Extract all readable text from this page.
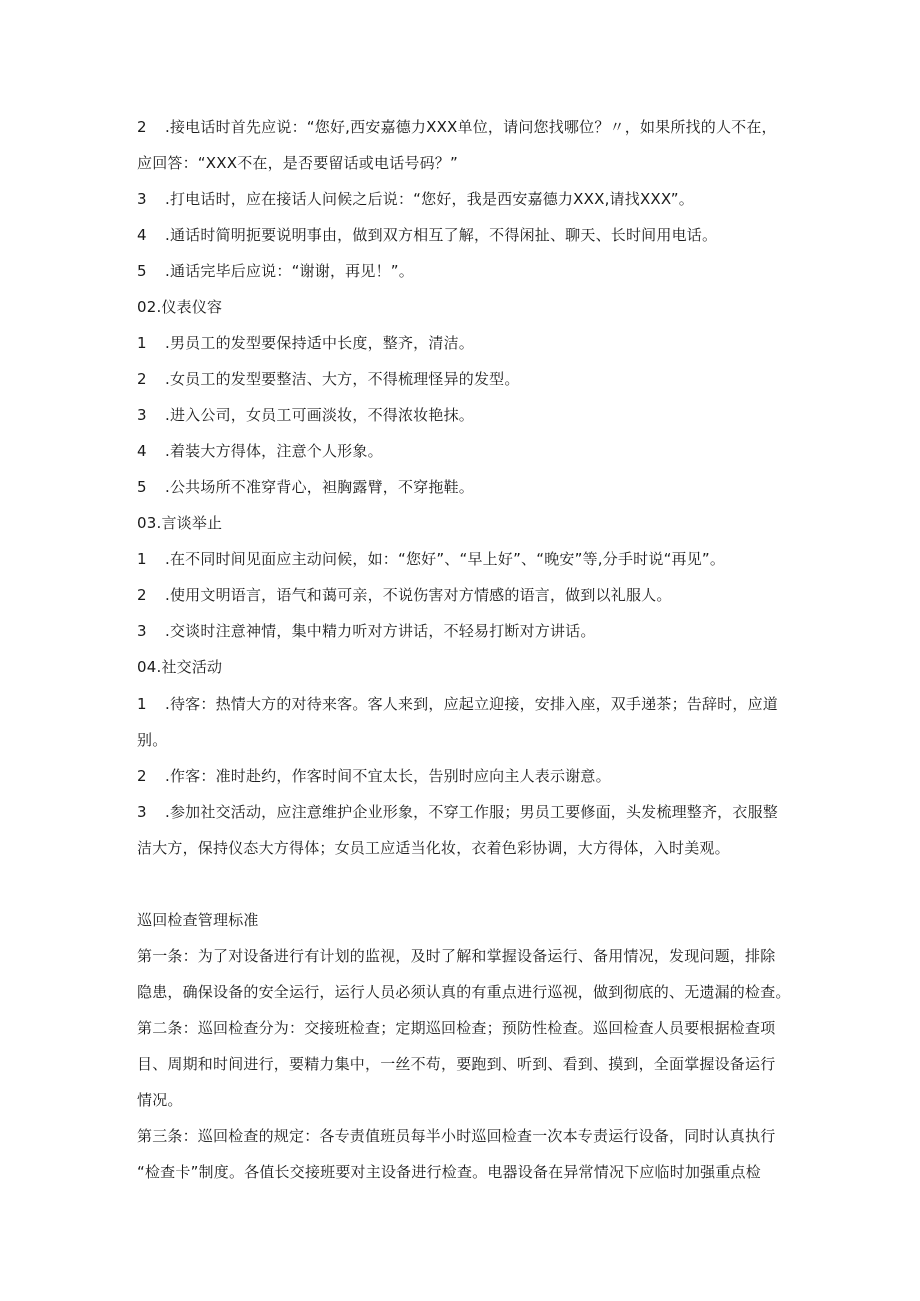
2 .接电话时首先应说：“您好,西安嘉德力XXX单位，请问您找哪位？〃，如果所找的人不在，
应回答：“XXX不在，是否要留话或电话号码？”
3 .打电话时，应在接话人问候之后说：“您好，我是西安嘉德力XXX,请找XXX”。
4 .通话时简明扼要说明事由，做到双方相互了解，不得闲扯、聊天、长时间用电话。
5 .通话完毕后应说：“谢谢，再见！”。
02.仪表仪容
1 .男员工的发型要保持适中长度，整齐，清洁。
2 .女员工的发型要整洁、大方，不得梳理怪异的发型。
3 .进入公司，女员工可画淡妆，不得浓妆艳抹。
4 .着装大方得体，注意个人形象。
5 .公共场所不准穿背心，袒胸露臂，不穿拖鞋。
03.言谈举止
1 .在不同时间见面应主动问候，如：“您好”、“早上好”、“晚安”等,分手时说“再见”。
2 .使用文明语言，语气和蔼可亲，不说伤害对方情感的语言，做到以礼服人。
3 .交谈时注意神情，集中精力听对方讲话，不轻易打断对方讲话。
04.社交活动
1 .待客：热情大方的对待来客。客人来到，应起立迎接，安排入座，双手递茶；告辞时，应道
别。
2 .作客：准时赴约，作客时间不宜太长，告别时应向主人表示谢意。
3 .参加社交活动，应注意维护企业形象，不穿工作服；男员工要修面，头发梳理整齐，衣服整
洁大方，保持仪态大方得体；女员工应适当化妆，衣着色彩协调，大方得体，入时美观。
巡回检查管理标准
第一条：为了对设备进行有计划的监视，及时了解和掌握设备运行、备用情况，发现问题，排除
隐患，确保设备的安全运行，运行人员必须认真的有重点进行巡视，做到彻底的、无遗漏的检查。
第二条：巡回检查分为：交接班检查；定期巡回检查；预防性检查。巡回检查人员要根据检查项
目、周期和时间进行，要精力集中，一丝不苟，要跑到、听到、看到、摸到，全面掌握设备运行
情况。
第三条：巡回检查的规定：各专责值班员每半小时巡回检查一次本专责运行设备，同时认真执行
“检查卡”制度。各值长交接班要对主设备进行检查。电器设备在异常情况下应临时加强重点检
